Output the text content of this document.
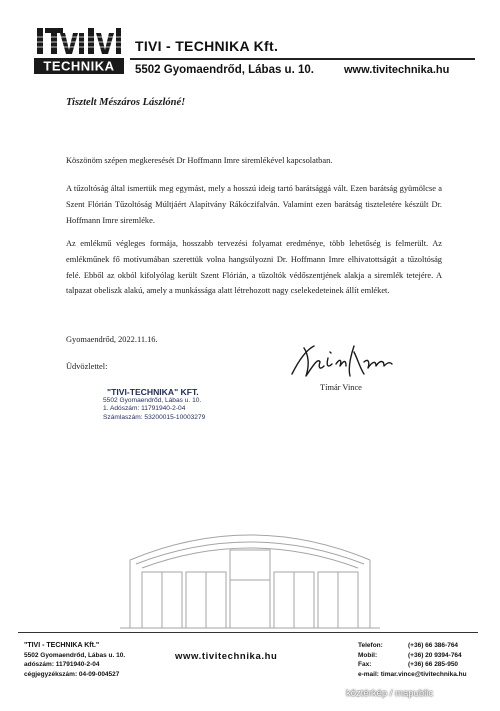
TECHNIKA
TIVI - TECHNIKA Kft.
5502 Gyomaendrőd, Lábas u. 10.	www.tivitechnika.hu
Tisztelt Mészáros Lászlóné!
Köszönöm szépen megkeresését Dr Hoffmann Imre siremlékével kapcsolatban.
A tűzoltóság által ismertük meg egymást, mely a hosszú ideig tartó barátsággá vált. Ezen barátság gyümölcse a Szent Flórián Tűzoltóság Múltjáért Alapítvány Rákóczifalván. Valamint ezen barátság tiszteletére készült Dr. Hoffmann Imre siremléke.
Az emlékmű végleges formája, hosszabb tervezési folyamat eredménye, több lehetőség is felmerült. Az emlékműnek fő motívumában szerettük volna hangsúlyozni Dr. Hoffmann Imre elhivatottságát a tűzoltóság felé. Ebből az okból kifolyólag került Szent Flórián, a tűzoltók védőszentjének alakja a siremlék tetejére. A talpazat obeliszk alakú, amely a munkássága alatt létrehozott nagy cselekedeteinek állít emléket.
Gyomaendrőd, 2022.11.16.
Üdvözlettel:
Tímár Vince
"TIVI-TECHNIKA" KFT.
5502 Gyomaendrőd, Lábas u. 10.
1. Adószám: 11791940-2-04
Számlaszám: 53200015-10003279
"TIVI - TECHNIKA Kft."
5502 Gyomaendrőd, Lábas u. 10.
adószám: 11791940-2-04
cégjegyzékszám: 04-09-004527
www.tivitechnika.hu
Telefon:	(+36) 66 386-764
Mobil:	(+36) 20 9394-764
Fax:	(+36) 66 285-950
e-mail: timar.vince@tivitechnika.hu
köztérkép / mapublic
